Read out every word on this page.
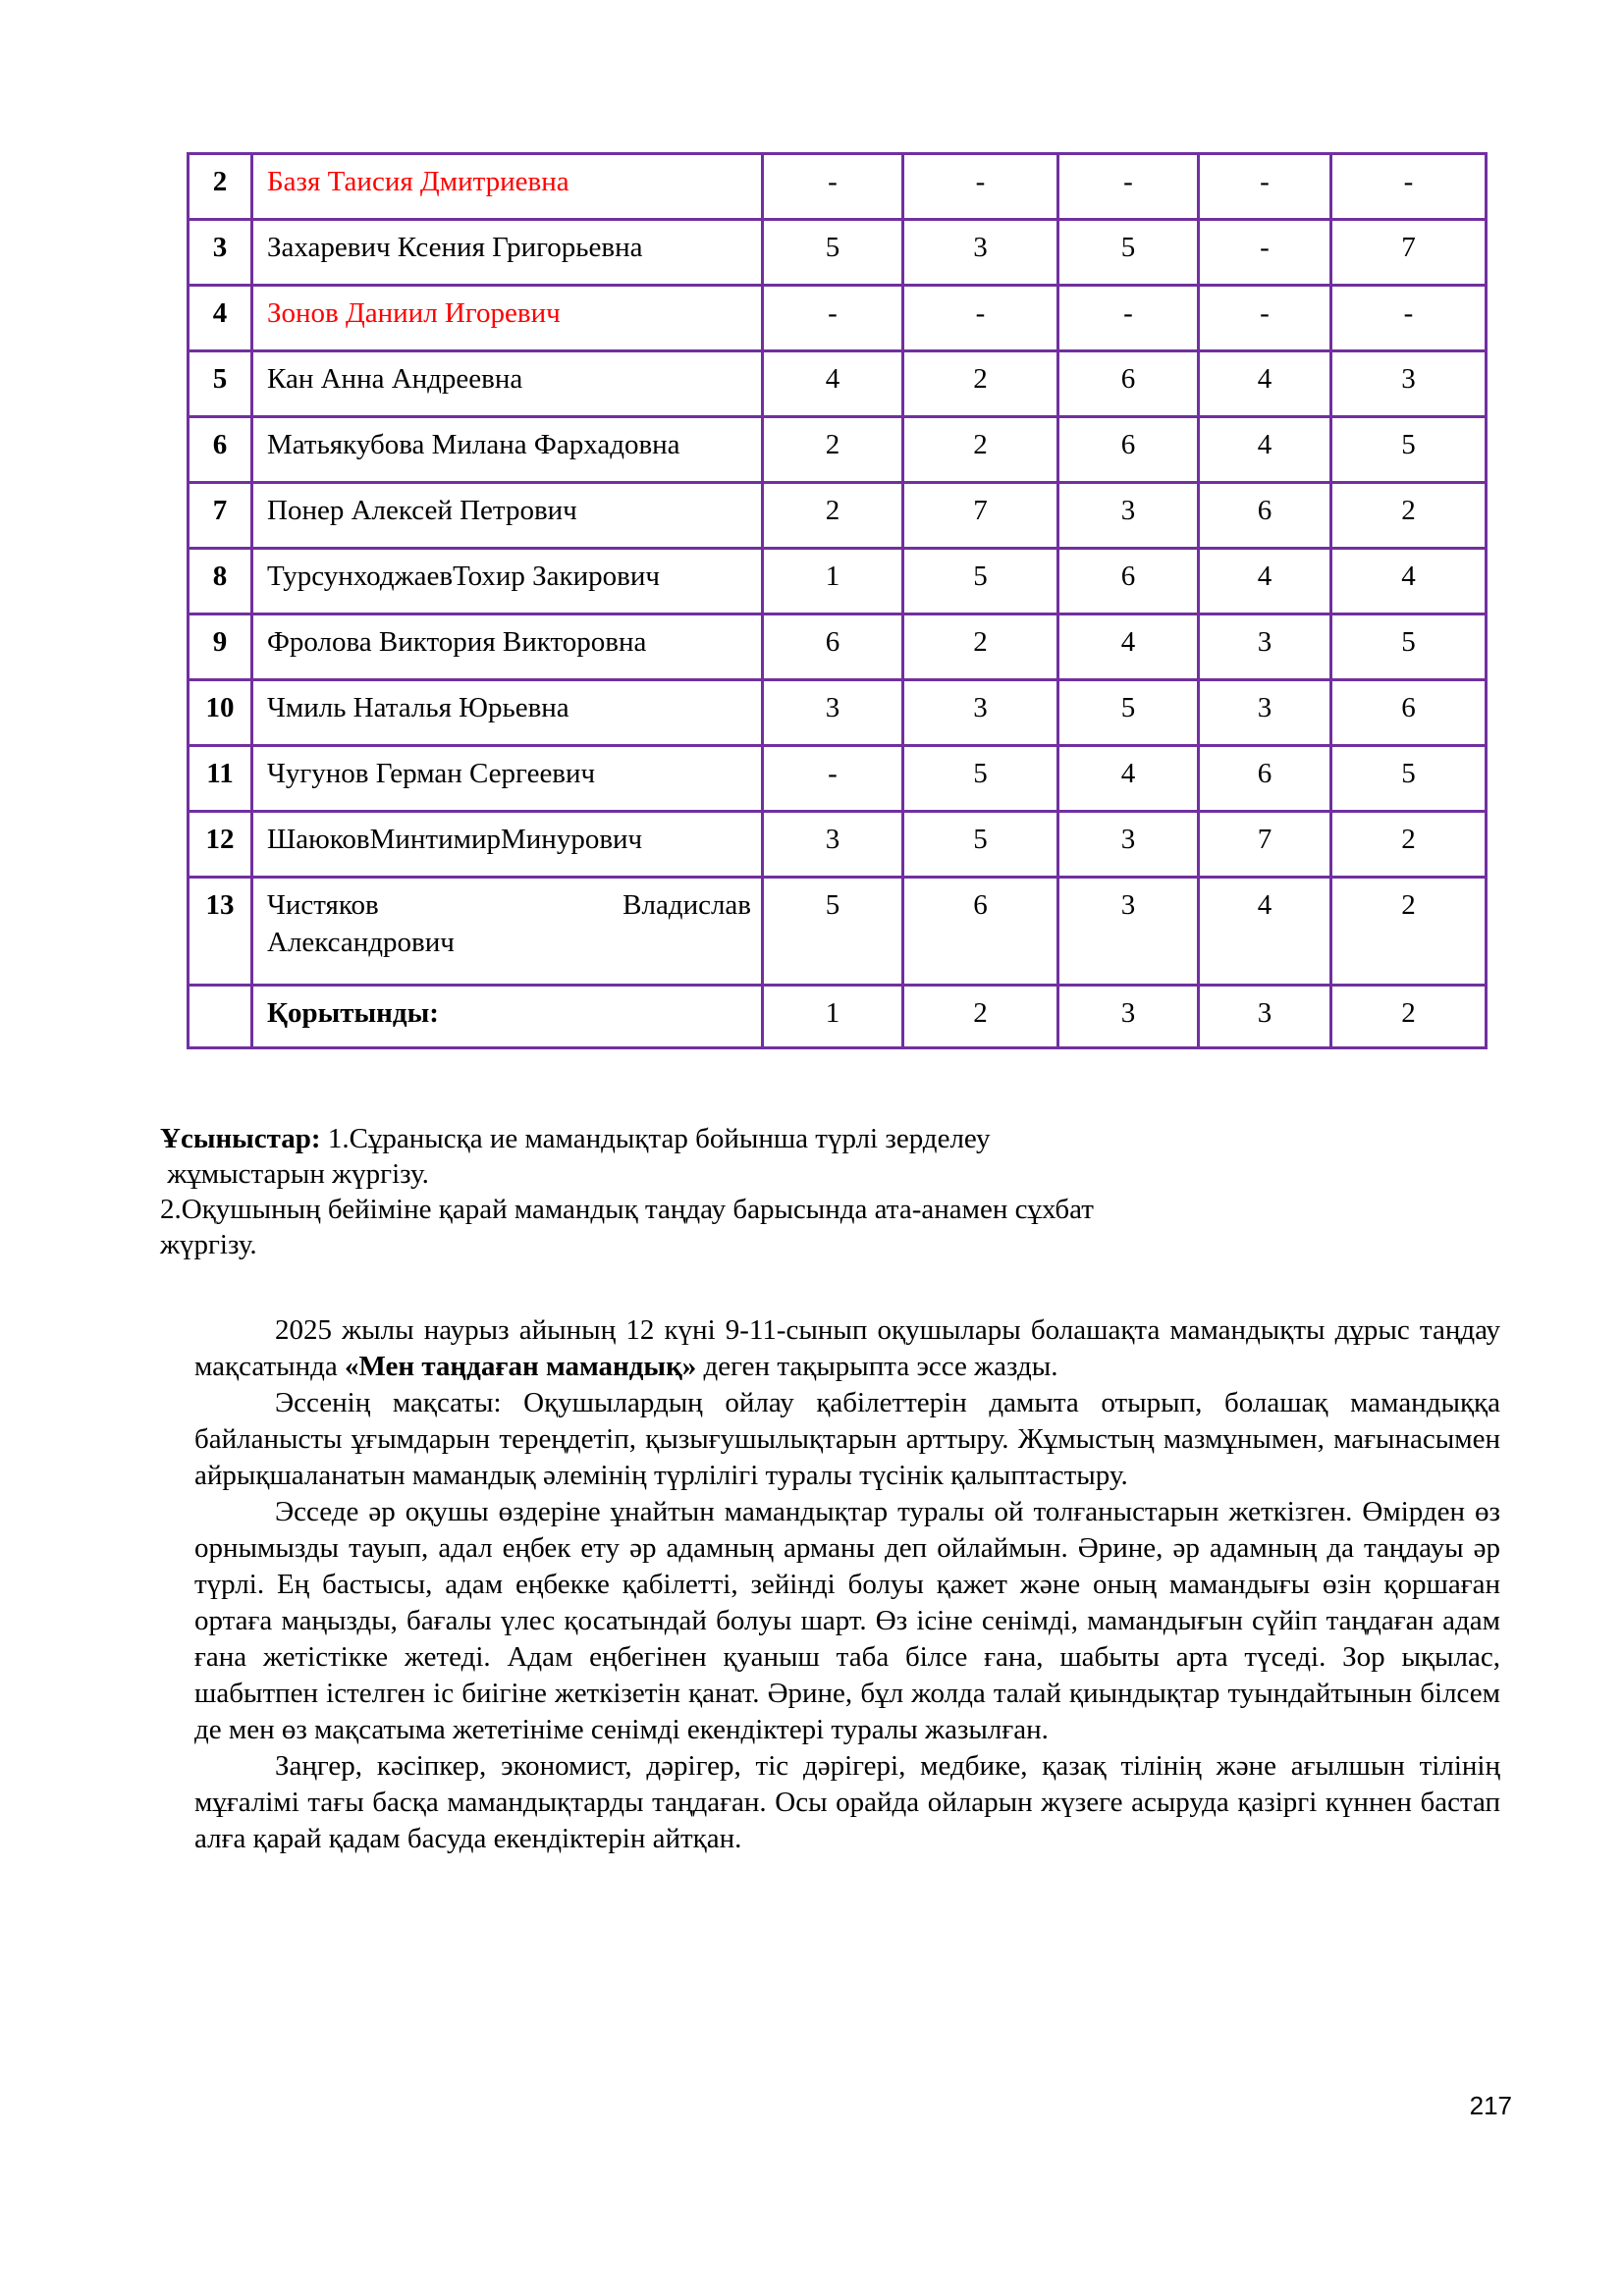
2	Базя Таисия Дмитриевна	-	-	-	-	-
3	Захаревич Ксения Григорьевна	5	3	5	-	7
4	Зонов Даниил Игоревич	-	-	-	-	-
5	Кан Анна Андреевна	4	2	6	4	3
6	Матьякубова Милана Фархадовна	2	2	6	4	5
7	Понер Алексей Петрович	2	7	3	6	2
8	ТурсунходжаевТохир Закирович	1	5	6	4	4
9	Фролова Виктория Викторовна	6	2	4	3	5
10	Чмиль Наталья Юрьевна	3	3	5	3	6
11	Чугунов Герман Сергеевич	-	5	4	6	5
12	ШаюковМинтимирМинурович	3	5	3	7	2
13	Чистяков Владислав
Александрович	5	6	3	4	2
	Қорытынды:	1	2	3	3	2

Ұсыныстар: 1.Сұранысқа ие мамандықтар бойынша түрлі зерделеу

жұмыстарын жүргізу.

2.Оқушының бейіміне қарай мамандық таңдау барысында ата-анамен сұхбат

жүргізу.

2025 жылы наурыз айының 12 күні 9-11-сынып оқушылары болашақта мамандықты дұрыс таңдау мақсатында «Мен таңдаған мамандық» деген тақырыпта эссе жазды.

Эссенің мақсаты: Оқушылардың ойлау қабілеттерін дамыта отырып, болашақ мамандыққа байланысты ұғымдарын тереңдетіп, қызығушылықтарын арттыру. Жұмыстың мазмұнымен, мағынасымен айрықшаланатын мамандық әлемінің түрлілігі туралы түсінік қалыптастыру.

Эсседе әр оқушы өздеріне ұнайтын мамандықтар туралы ой толғаныстарын жеткізген. Өмірден өз орнымызды тауып, адал еңбек ету әр адамның арманы деп ойлаймын. Әрине, әр адамның да таңдауы әр түрлі. Ең бастысы, адам еңбекке қабілетті, зейінді болуы қажет және оның мамандығы өзін қоршаған ортаға маңызды, бағалы үлес қосатындай болуы шарт. Өз ісіне сенімді, мамандығын сүйіп таңдаған адам ғана жетістікке жетеді. Адам еңбегінен қуаныш таба білсе ғана, шабыты арта түседі. Зор ықылас, шабытпен істелген іс биігіне жеткізетін қанат. Әрине, бұл жолда талай қиындықтар туындайтынын білсем де мен өз мақсатыма жететініме сенімді екендіктері туралы жазылған.

Заңгер, кәсіпкер, экономист, дәрігер, тіс дәрігері, медбике, қазақ тілінің және ағылшын тілінің мұғалімі тағы басқа мамандықтарды таңдаған. Осы орайда ойларын жүзеге асыруда қазіргі күннен бастап алға қарай қадам басуда екендіктерін айтқан.

217
